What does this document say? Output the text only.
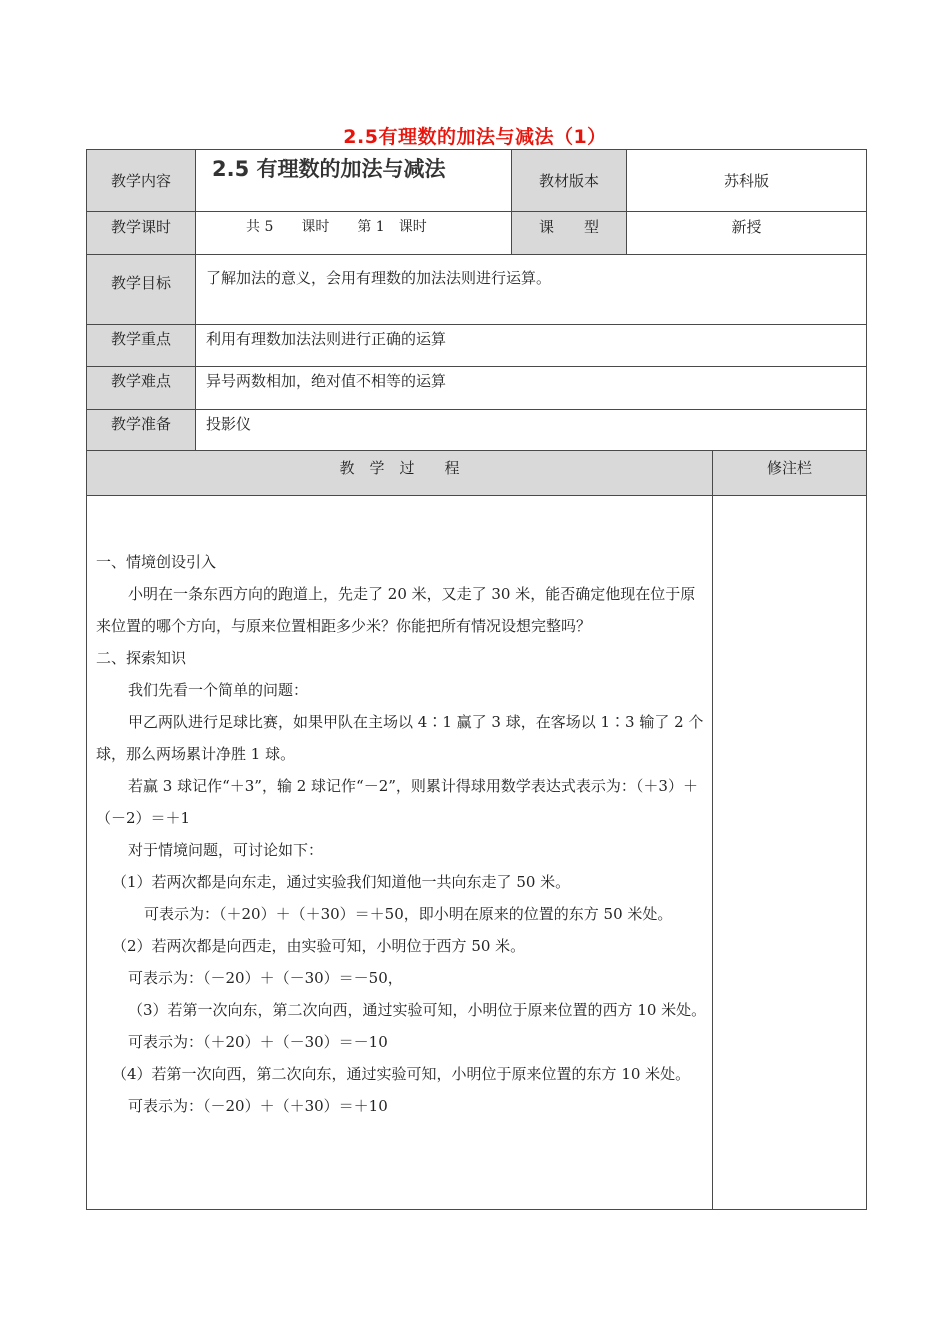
2.5有理数的加法与减法（1）
教学内容	2.5 有理数的加法与减法	教材版本	苏科版
教学课时	共 5　　课时　　第 1　课时	课　　型	新授
教学目标	了解加法的意义，会用有理数的加法法则进行运算。
教学重点	利用有理数加法法则进行正确的运算
教学难点	异号两数相加，绝对值不相等的运算
教学准备	投影仪
教　学　过　　程	修注栏

一、情境创设引入

小明在一条东西方向的跑道上，先走了 20 米，又走了 30 米，能否确定他现在位于原来位置的哪个方向，与原来位置相距多少米？你能把所有情况设想完整吗？

二、探索知识

我们先看一个简单的问题：

甲乙两队进行足球比赛，如果甲队在主场以 4∶1 赢了 3 球，在客场以 1∶3 输了 2 个球，那么两场累计净胜 1 球。

若赢 3 球记作“＋3”，输 2 球记作“－2”，则累计得球用数学表达式表示为：（＋3）＋（－2）＝＋1

对于情境问题，可讨论如下：

（1）若两次都是向东走，通过实验我们知道他一共向东走了 50 米。

可表示为：（＋20）＋（＋30）＝＋50，即小明在原来的位置的东方 50 米处。

（2）若两次都是向西走，由实验可知，小明位于西方 50 米。

可表示为：（－20）＋（－30）＝－50，

（3）若第一次向东，第二次向西，通过实验可知，小明位于原来位置的西方 10 米处。

可表示为：（＋20）＋（－30）＝－10

（4）若第一次向西，第二次向东，通过实验可知，小明位于原来位置的东方 10 米处。

可表示为：（－20）＋（＋30）＝＋10
